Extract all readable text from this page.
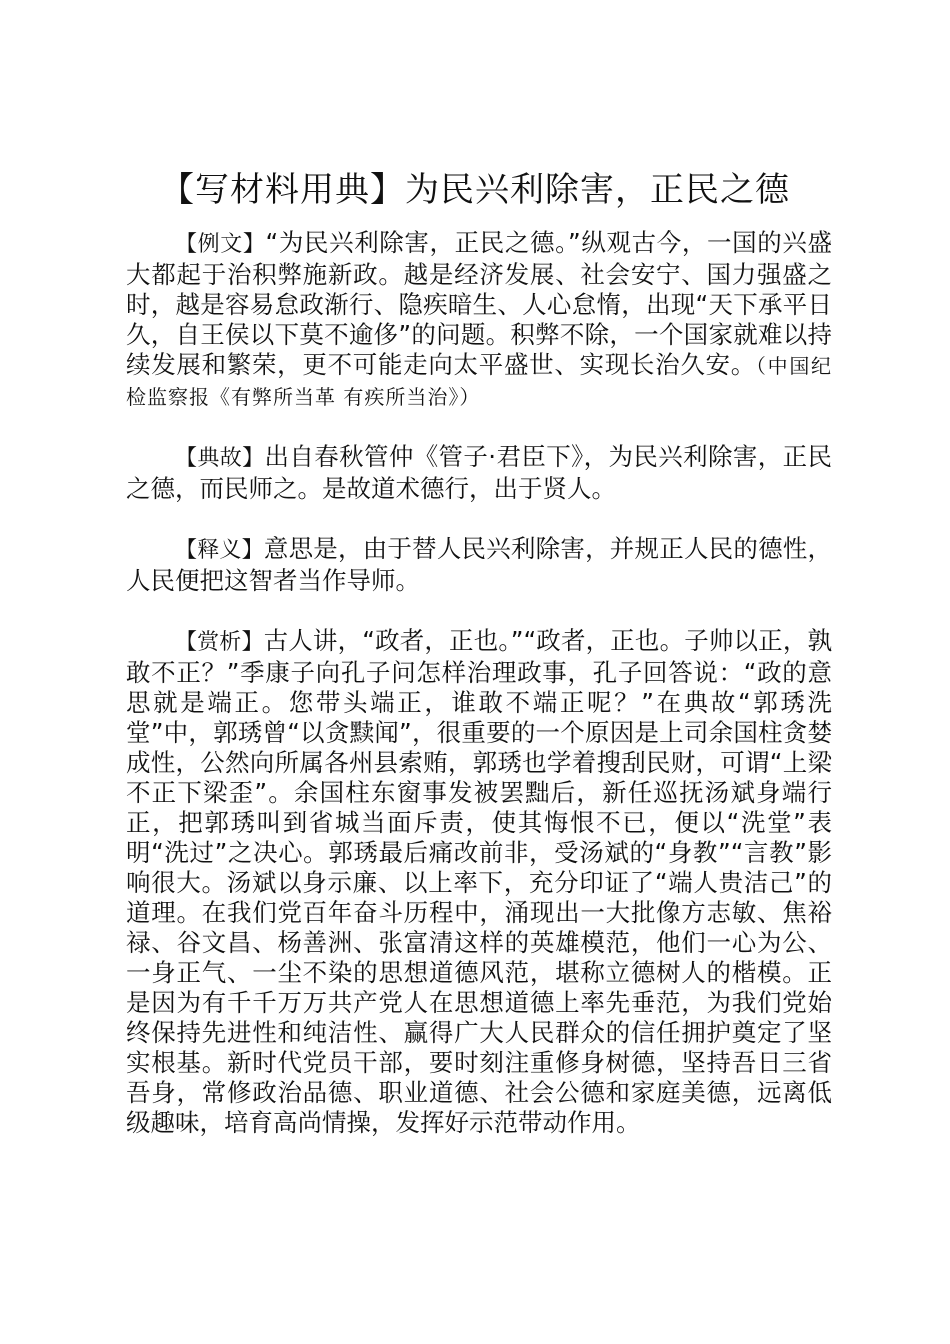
【写材料用典】为民兴利除害，正民之德

【例文】“为民兴利除害，正民之德。”纵观古今，一国的兴盛大都起于治积弊施新政。越是经济发展、社会安宁、国力强盛之时，越是容易怠政渐行、隐疾暗生、人心怠惰，出现“天下承平日久，自王侯以下莫不逾侈”的问题。积弊不除，一个国家就难以持续发展和繁荣，更不可能走向太平盛世、实现长治久安。（中国纪检监察报《有弊所当革 有疾所当治》）

【典故】出自春秋管仲《管子·君臣下》，为民兴利除害，正民之德，而民师之。是故道术德行，出于贤人。

【释义】意思是，由于替人民兴利除害，并规正人民的德性，人民便把这智者当作导师。

【赏析】古人讲，“政者，正也。”“政者，正也。子帅以正，孰敢不正？”季康子向孔子问怎样治理政事，孔子回答说：“政的意思就是端正。您带头端正，谁敢不端正呢？”在典故“郭琇洗堂”中，郭琇曾“以贪黩闻”，很重要的一个原因是上司余国柱贪婪成性，公然向所属各州县索贿，郭琇也学着搜刮民财，可谓“上梁不正下梁歪”。余国柱东窗事发被罢黜后，新任巡抚汤斌身端行正，把郭琇叫到省城当面斥责，使其悔恨不已，便以“洗堂”表明“洗过”之决心。郭琇最后痛改前非，受汤斌的“身教”“言教”影响很大。汤斌以身示廉、以上率下，充分印证了“端人贵洁己”的道理。在我们党百年奋斗历程中，涌现出一大批像方志敏、焦裕禄、谷文昌、杨善洲、张富清这样的英雄模范，他们一心为公、一身正气、一尘不染的思想道德风范，堪称立德树人的楷模。正是因为有千千万万共产党人在思想道德上率先垂范，为我们党始终保持先进性和纯洁性、赢得广大人民群众的信任拥护奠定了坚实根基。新时代党员干部，要时刻注重修身树德，坚持吾日三省吾身，常修政治品德、职业道德、社会公德和家庭美德，远离低级趣味，培育高尚情操，发挥好示范带动作用。
